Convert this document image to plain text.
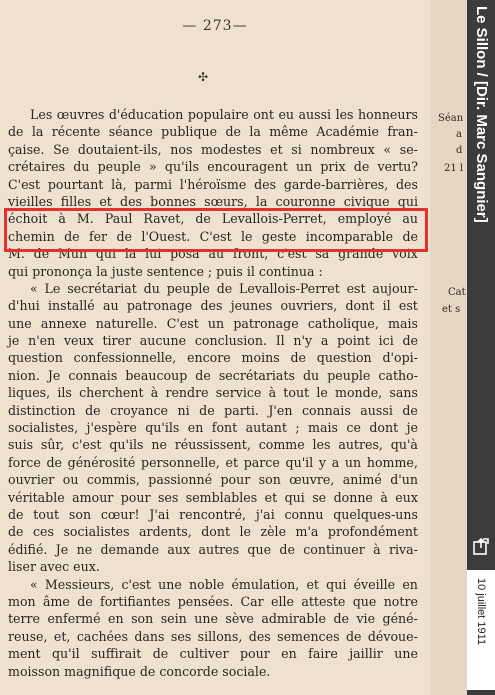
— 273—
✣
Les œuvres d'éducation populaire ont eu aussi les honneurs
de la récente séance publique de la même Académie fran-
çaise. Se doutaient-ils, nos modestes et si nombreux « se-
crétaires du peuple » qu'ils encouragent un prix de vertu?
C'est pourtant là, parmi l'héroïsme des garde-barrières, des
vieilles filles et des bonnes sœurs, la couronne civique qui
échoit à M. Paul Ravet, de Levallois-Perret, employé au
chemin de fer de l'Ouest. C'est le geste incomparable de
M. de Mun qui la lui posa au front, c'est sa grande voix
qui prononça la juste sentence ; puis il continua :
« Le secrétariat du peuple de Levallois-Perret est aujour-
d'hui installé au patronage des jeunes ouvriers, dont il est
une annexe naturelle. C'est un patronage catholique, mais
je n'en veux tirer aucune conclusion. Il n'y a point ici de
question confessionnelle, encore moins de question d'opi-
nion. Je connais beaucoup de secrétariats du peuple catho-
liques, ils cherchent à rendre service à tout le monde, sans
distinction de croyance ni de parti. J'en connais aussi de
socialistes, j'espère qu'ils en font autant ; mais ce dont je
suis sûr, c'est qu'ils ne réussissent, comme les autres, qu'à
force de générosité personnelle, et parce qu'il y a un homme,
ouvrier ou commis, passionné pour son œuvre, animé d'un
véritable amour pour ses semblables et qui se donne à eux
de tout son cœur! J'ai rencontré, j'ai connu quelques-uns
de ces socialistes ardents, dont le zèle m'a profondément
édifié. Je ne demande aux autres que de continuer à riva-
liser avec eux.
« Messieurs, c'est une noble émulation, et qui éveille en
mon âme de fortifiantes pensées. Car elle atteste que notre
terre enfermé en son sein une sève admirable de vie géné-
reuse, et, cachées dans ses sillons, des semences de dévoue-
ment qu'il suffirait de cultiver pour en faire jaillir une
moisson magnifique de concorde sociale.
Séan
a
d
21 l
Cat
et s
Le Sillon / [Dir. Marc Sangnier]
10 juillet 1911
